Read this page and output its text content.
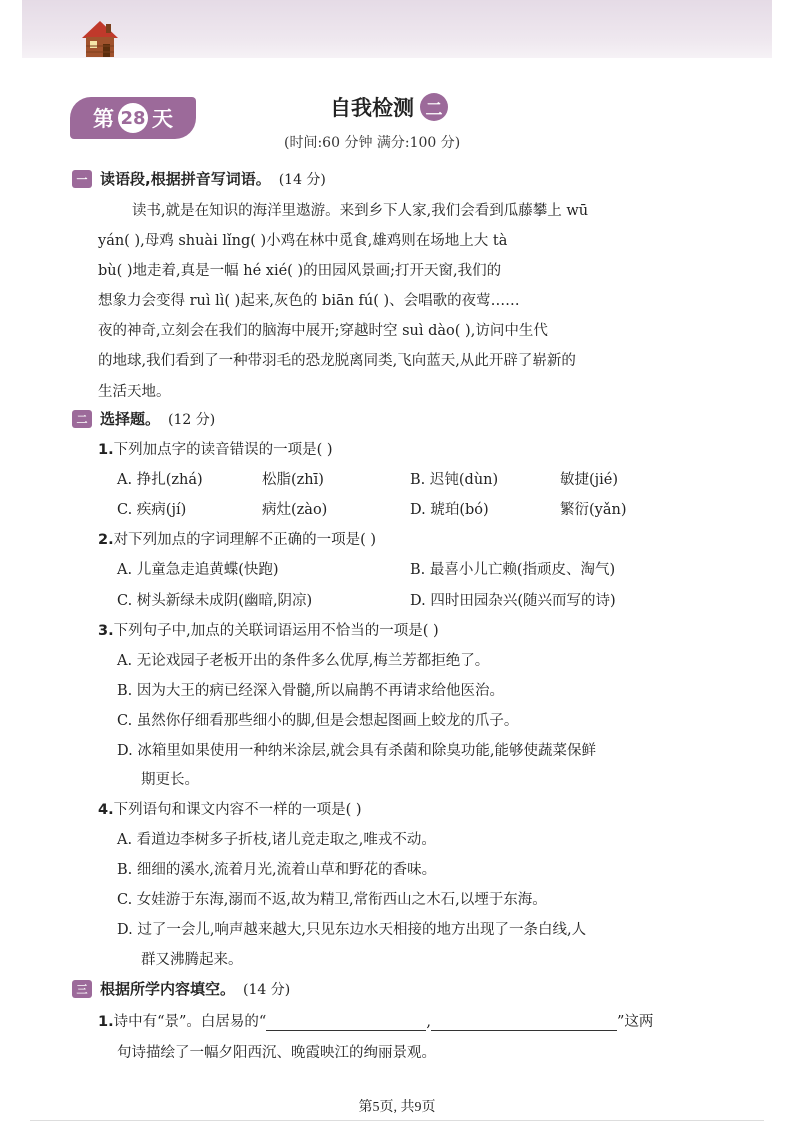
第 28 天	自我检测 二
(时间:60 分钟 满分:100 分)
一 读语段,根据拼音写词语。 (14 分)
读书,就是在知识的海洋里遨游。来到乡下人家,我们会看到瓜藤攀上 wū
yán( ),母鸡 shuài lǐng( )小鸡在林中觅食,雄鸡则在场地上大 tà
bù( )地走着,真是一幅 hé xié( )的田园风景画;打开天窗,我们的
想象力会变得 ruì lì( )起来,灰色的 biān fú( )、会唱歌的夜莺……
夜的神奇,立刻会在我们的脑海中展开;穿越时空 suì dào( ),访问中生代
的地球,我们看到了一种带羽毛的恐龙脱离同类,飞向蓝天,从此开辟了崭新的
生活天地。
二 选择题。 (12 分)
1.下列加点字的读音错误的一项是( )
A. 挣扎(zhá)	松脂(zhī)	B. 迟钝(dùn)	敏捷(jié)
C. 疾病(jí)	病灶(zào)	D. 琥珀(bó)	繁衍(yǎn)
2.对下列加点的字词理解不正确的一项是( )
A. 儿童急走追黄蝶(快跑)	B. 最喜小儿亡赖(指顽皮、淘气)
C. 树头新绿未成阴(幽暗,阴凉)	D. 四时田园杂兴(随兴而写的诗)
3.下列句子中,加点的关联词语运用不恰当的一项是( )
A. 无论戏园子老板开出的条件多么优厚,梅兰芳都拒绝了。
B. 因为大王的病已经深入骨髓,所以扁鹊不再请求给他医治。
C. 虽然你仔细看那些细小的脚,但是会想起图画上蛟龙的爪子。
D. 冰箱里如果使用一种纳米涂层,就会具有杀菌和除臭功能,能够使蔬菜保鲜
期更长。
4.下列语句和课文内容不一样的一项是( )
A. 看道边李树多子折枝,诸儿竞走取之,唯戎不动。
B. 细细的溪水,流着月光,流着山草和野花的香味。
C. 女娃游于东海,溺而不返,故为精卫,常衔西山之木石,以堙于东海。
D. 过了一会儿,响声越来越大,只见东边水天相接的地方出现了一条白线,人
群又沸腾起来。
三 根据所学内容填空。 (14 分)
1.诗中有“景”。白居易的“	,	”这两
句诗描绘了一幅夕阳西沉、晚霞映江的绚丽景观。
第5页, 共9页
